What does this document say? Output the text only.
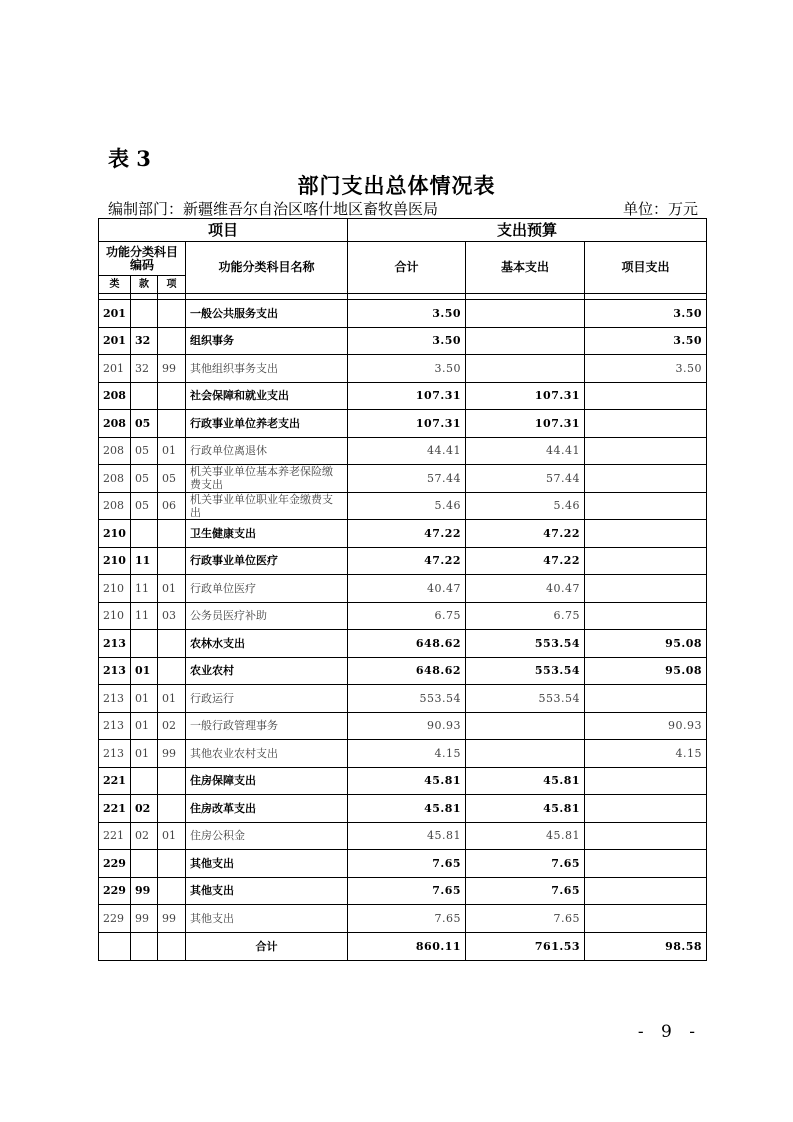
表 3
部门支出总体情况表
编制部门：新疆维吾尔自治区喀什地区畜牧兽医局	单位：万元
项目				支出预算		
功能分类科目编码			功能分类科目名称	合计	基本支出	项目支出
类	款	项				

201			一般公共服务支出	3.50		3.50
201	32		组织事务	3.50		3.50
201	32	99	其他组织事务支出	3.50		3.50
208			社会保障和就业支出	107.31	107.31	
208	05		行政事业单位养老支出	107.31	107.31	
208	05	01	行政单位离退休	44.41	44.41	
208	05	05	机关事业单位基本养老保险缴费支出	57.44	57.44	
208	05	06	机关事业单位职业年金缴费支出	5.46	5.46	
210			卫生健康支出	47.22	47.22	
210	11		行政事业单位医疗	47.22	47.22	
210	11	01	行政单位医疗	40.47	40.47	
210	11	03	公务员医疗补助	6.75	6.75	
213			农林水支出	648.62	553.54	95.08
213	01		农业农村	648.62	553.54	95.08
213	01	01	行政运行	553.54	553.54	
213	01	02	一般行政管理事务	90.93		90.93
213	01	99	其他农业农村支出	4.15		4.15
221			住房保障支出	45.81	45.81	
221	02		住房改革支出	45.81	45.81	
221	02	01	住房公积金	45.81	45.81	
229			其他支出	7.65	7.65	
229	99		其他支出	7.65	7.65	
229	99	99	其他支出	7.65	7.65	
			合计	860.11	761.53	98.58
- 9 -
